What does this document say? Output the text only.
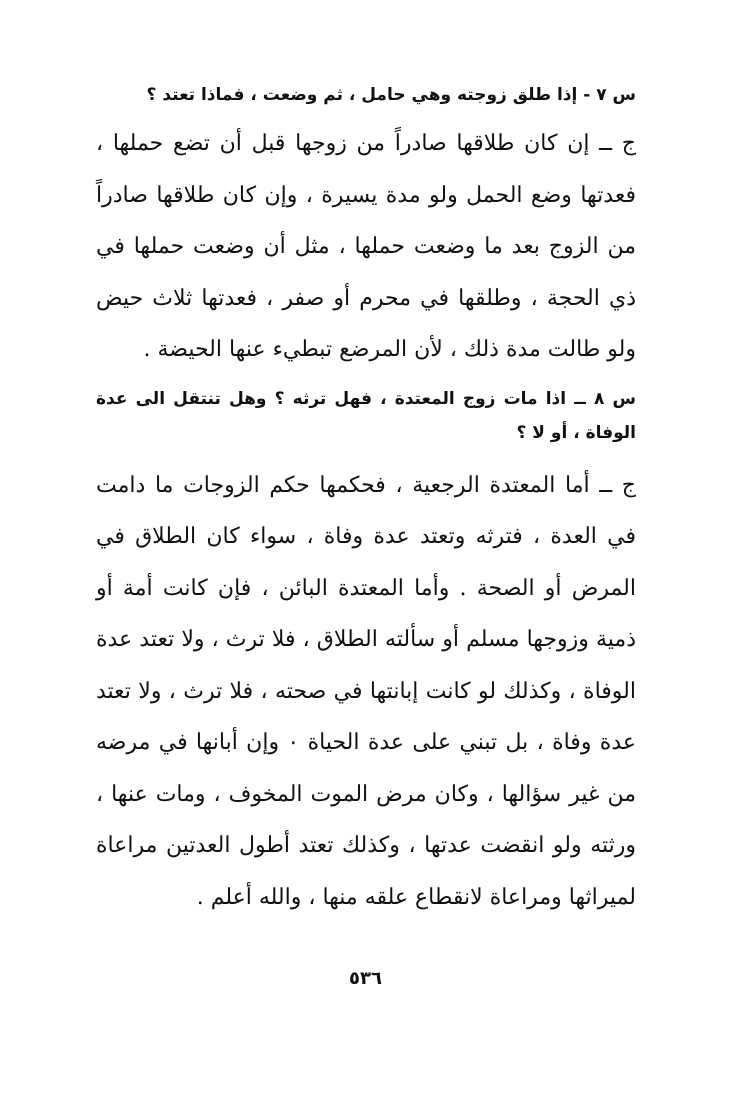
س ٧ - إذا طلق زوجته وهي حامل ، ثم وضعت ، فماذا تعتد ؟

ج ــ إن كان طلاقها صادراً من زوجها قبل أن تضع حملها ، فعدتها وضع الحمل ولو مدة يسيرة ، وإن كان طلاقها صادراً من الزوج بعد ما وضعت حملها ، مثل أن وضعت حملها في ذي الحجة ، وطلقها في محرم أو صفر ، فعدتها ثلاث حيض ولو طالت مدة ذلك ، لأن المرضع تبطيء عنها الحيضة .

س ٨ ــ اذا مات زوج المعتدة ، فهل ترثه ؟ وهل تنتقل الى عدة الوفاة ، أو لا ؟

ج ــ أما المعتدة الرجعية ، فحكمها حكم الزوجات ما دامت في العدة ، فترثه وتعتد عدة وفاة ، سواء كان الطلاق في المرض أو الصحة . وأما المعتدة البائن ، فإن كانت أمة أو ذمية وزوجها مسلم أو سألته الطلاق ، فلا ترث ، ولا تعتد عدة الوفاة ، وكذلك لو كانت إبانتها في صحته ، فلا ترث ، ولا تعتد عدة وفاة ، بل تبني على عدة الحياة ٠ وإن أبانها في مرضه من غير سؤالها ، وكان مرض الموت المخوف ، ومات عنها ، ورثته ولو انقضت عدتها ، وكذلك تعتد أطول العدتين مراعاة لميراثها ومراعاة لانقطاع علقه منها ، والله أعلم .

٥٣٦
